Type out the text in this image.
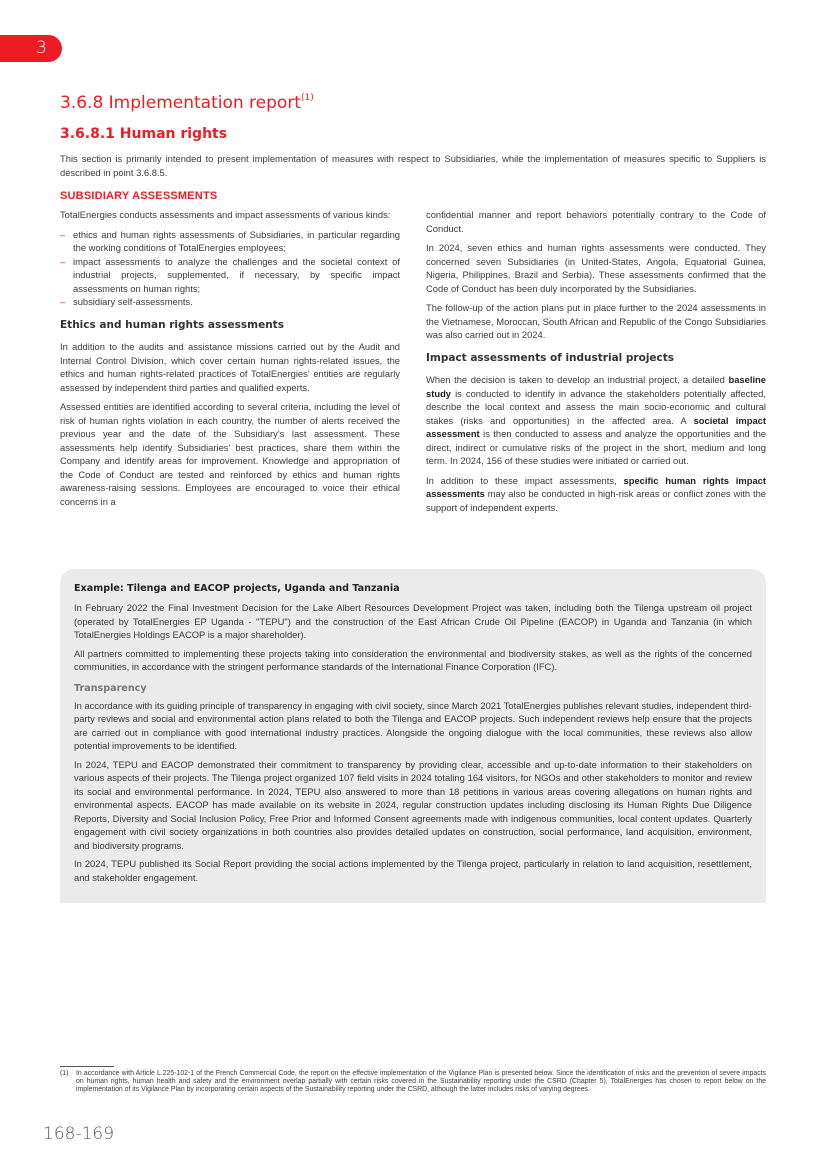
3
3.6.8 Implementation report$^{(1)}$
3.6.8.1 Human rights

This section is primarily intended to present implementation of measures with respect to Subsidiaries, while the implementation of measures specific to Suppliers is described in point 3.6.8.5.

SUBSIDIARY ASSESSMENTS

TotalEnergies conducts assessments and impact assessments of various kinds:

– ethics and human rights assessments of Subsidiaries, in particular regarding the working conditions of TotalEnergies employees;
– impact assessments to analyze the challenges and the societal context of industrial projects, supplemented, if necessary, by specific impact assessments on human rights;
– subsidiary self-assessments.
Ethics and human rights assessments

In addition to the audits and assistance missions carried out by the Audit and Internal Control Division, which cover certain human rights-related issues, the ethics and human rights-related practices of TotalEnergies' entities are regularly assessed by independent third parties and qualified experts.

Assessed entities are identified according to several criteria, including the level of risk of human rights violation in each country, the number of alerts received the previous year and the date of the Subsidiary's last assessment. These assessments help identify Subsidiaries' best practices, share them within the Company and identify areas for improvement. Knowledge and appropriation of the Code of Conduct are tested and reinforced by ethics and human rights awareness-raising sessions. Employees are encouraged to voice their ethical concerns in a

confidential manner and report behaviors potentially contrary to the Code of Conduct.

In 2024, seven ethics and human rights assessments were conducted. They concerned seven Subsidiaries (in United-States, Angola, Equatorial Guinea, Nigeria, Philippines, Brazil and Serbia). These assessments confirmed that the Code of Conduct has been duly incorporated by the Subsidiaries.

The follow-up of the action plans put in place further to the 2024 assessments in the Vietnamese, Moroccan, South African and Republic of the Congo Subsidiaries was also carried out in 2024.

Impact assessments of industrial projects

When the decision is taken to develop an industrial project, a detailed baseline study is conducted to identify in advance the stakeholders potentially affected, describe the local context and assess the main socio-economic and cultural stakes (risks and opportunities) in the affected area. A societal impact assessment is then conducted to assess and analyze the opportunities and the direct, indirect or cumulative risks of the project in the short, medium and long term. In 2024, 156 of these studies were initiated or carried out.

In addition to these impact assessments, specific human rights impact assessments may also be conducted in high-risk areas or conflict zones with the support of independent experts.

Example: Tilenga and EACOP projects, Uganda and Tanzania

In February 2022 the Final Investment Decision for the Lake Albert Resources Development Project was taken, including both the Tilenga upstream oil project (operated by TotalEnergies EP Uganda - "TEPU") and the construction of the East African Crude Oil Pipeline (EACOP) in Uganda and Tanzania (in which TotalEnergies Holdings EACOP is a major shareholder).

All partners committed to implementing these projects taking into consideration the environmental and biodiversity stakes, as well as the rights of the concerned communities, in accordance with the stringent performance standards of the International Finance Corporation (IFC).

Transparency

In accordance with its guiding principle of transparency in engaging with civil society, since March 2021 TotalEnergies publishes relevant studies, independent third-party reviews and social and environmental action plans related to both the Tilenga and EACOP projects. Such independent reviews help ensure that the projects are carried out in compliance with good international industry practices. Alongside the ongoing dialogue with the local communities, these reviews also allow potential improvements to be identified.

In 2024, TEPU and EACOP demonstrated their commitment to transparency by providing clear, accessible and up-to-date information to their stakeholders on various aspects of their projects. The Tilenga project organized 107 field visits in 2024 totaling 164 visitors, for NGOs and other stakeholders to monitor and review its social and environmental performance. In 2024, TEPU also answered to more than 18 petitions in various areas covering allegations on human rights and environmental aspects. EACOP has made available on its website in 2024, regular construction updates including disclosing its Human Rights Due Diligence Reports, Diversity and Social Inclusion Policy, Free Prior and Informed Consent agreements made with indigenous communities, local content updates. Quarterly engagement with civil society organizations in both countries also provides detailed updates on construction, social performance, land acquisition, environment, and biodiversity programs.

In 2024, TEPU published its Social Report providing the social actions implemented by the Tilenga project, particularly in relation to land acquisition, resettlement, and stakeholder engagement.

(1)	In accordance with Article L.225-102-1 of the French Commercial Code, the report on the effective implementation of the Vigilance Plan is presented below. Since the identification of risks and the prevention of severe impacts on human rights, human health and safety and the environment overlap partially with certain risks covered in the Sustainability reporting under the CSRD (Chapter 5), TotalEnergies has chosen to report below on the implementation of its Vigilance Plan by incorporating certain aspects of the Sustainability reporting under the CSRD, although the latter includes risks of varying degrees.
168-169
